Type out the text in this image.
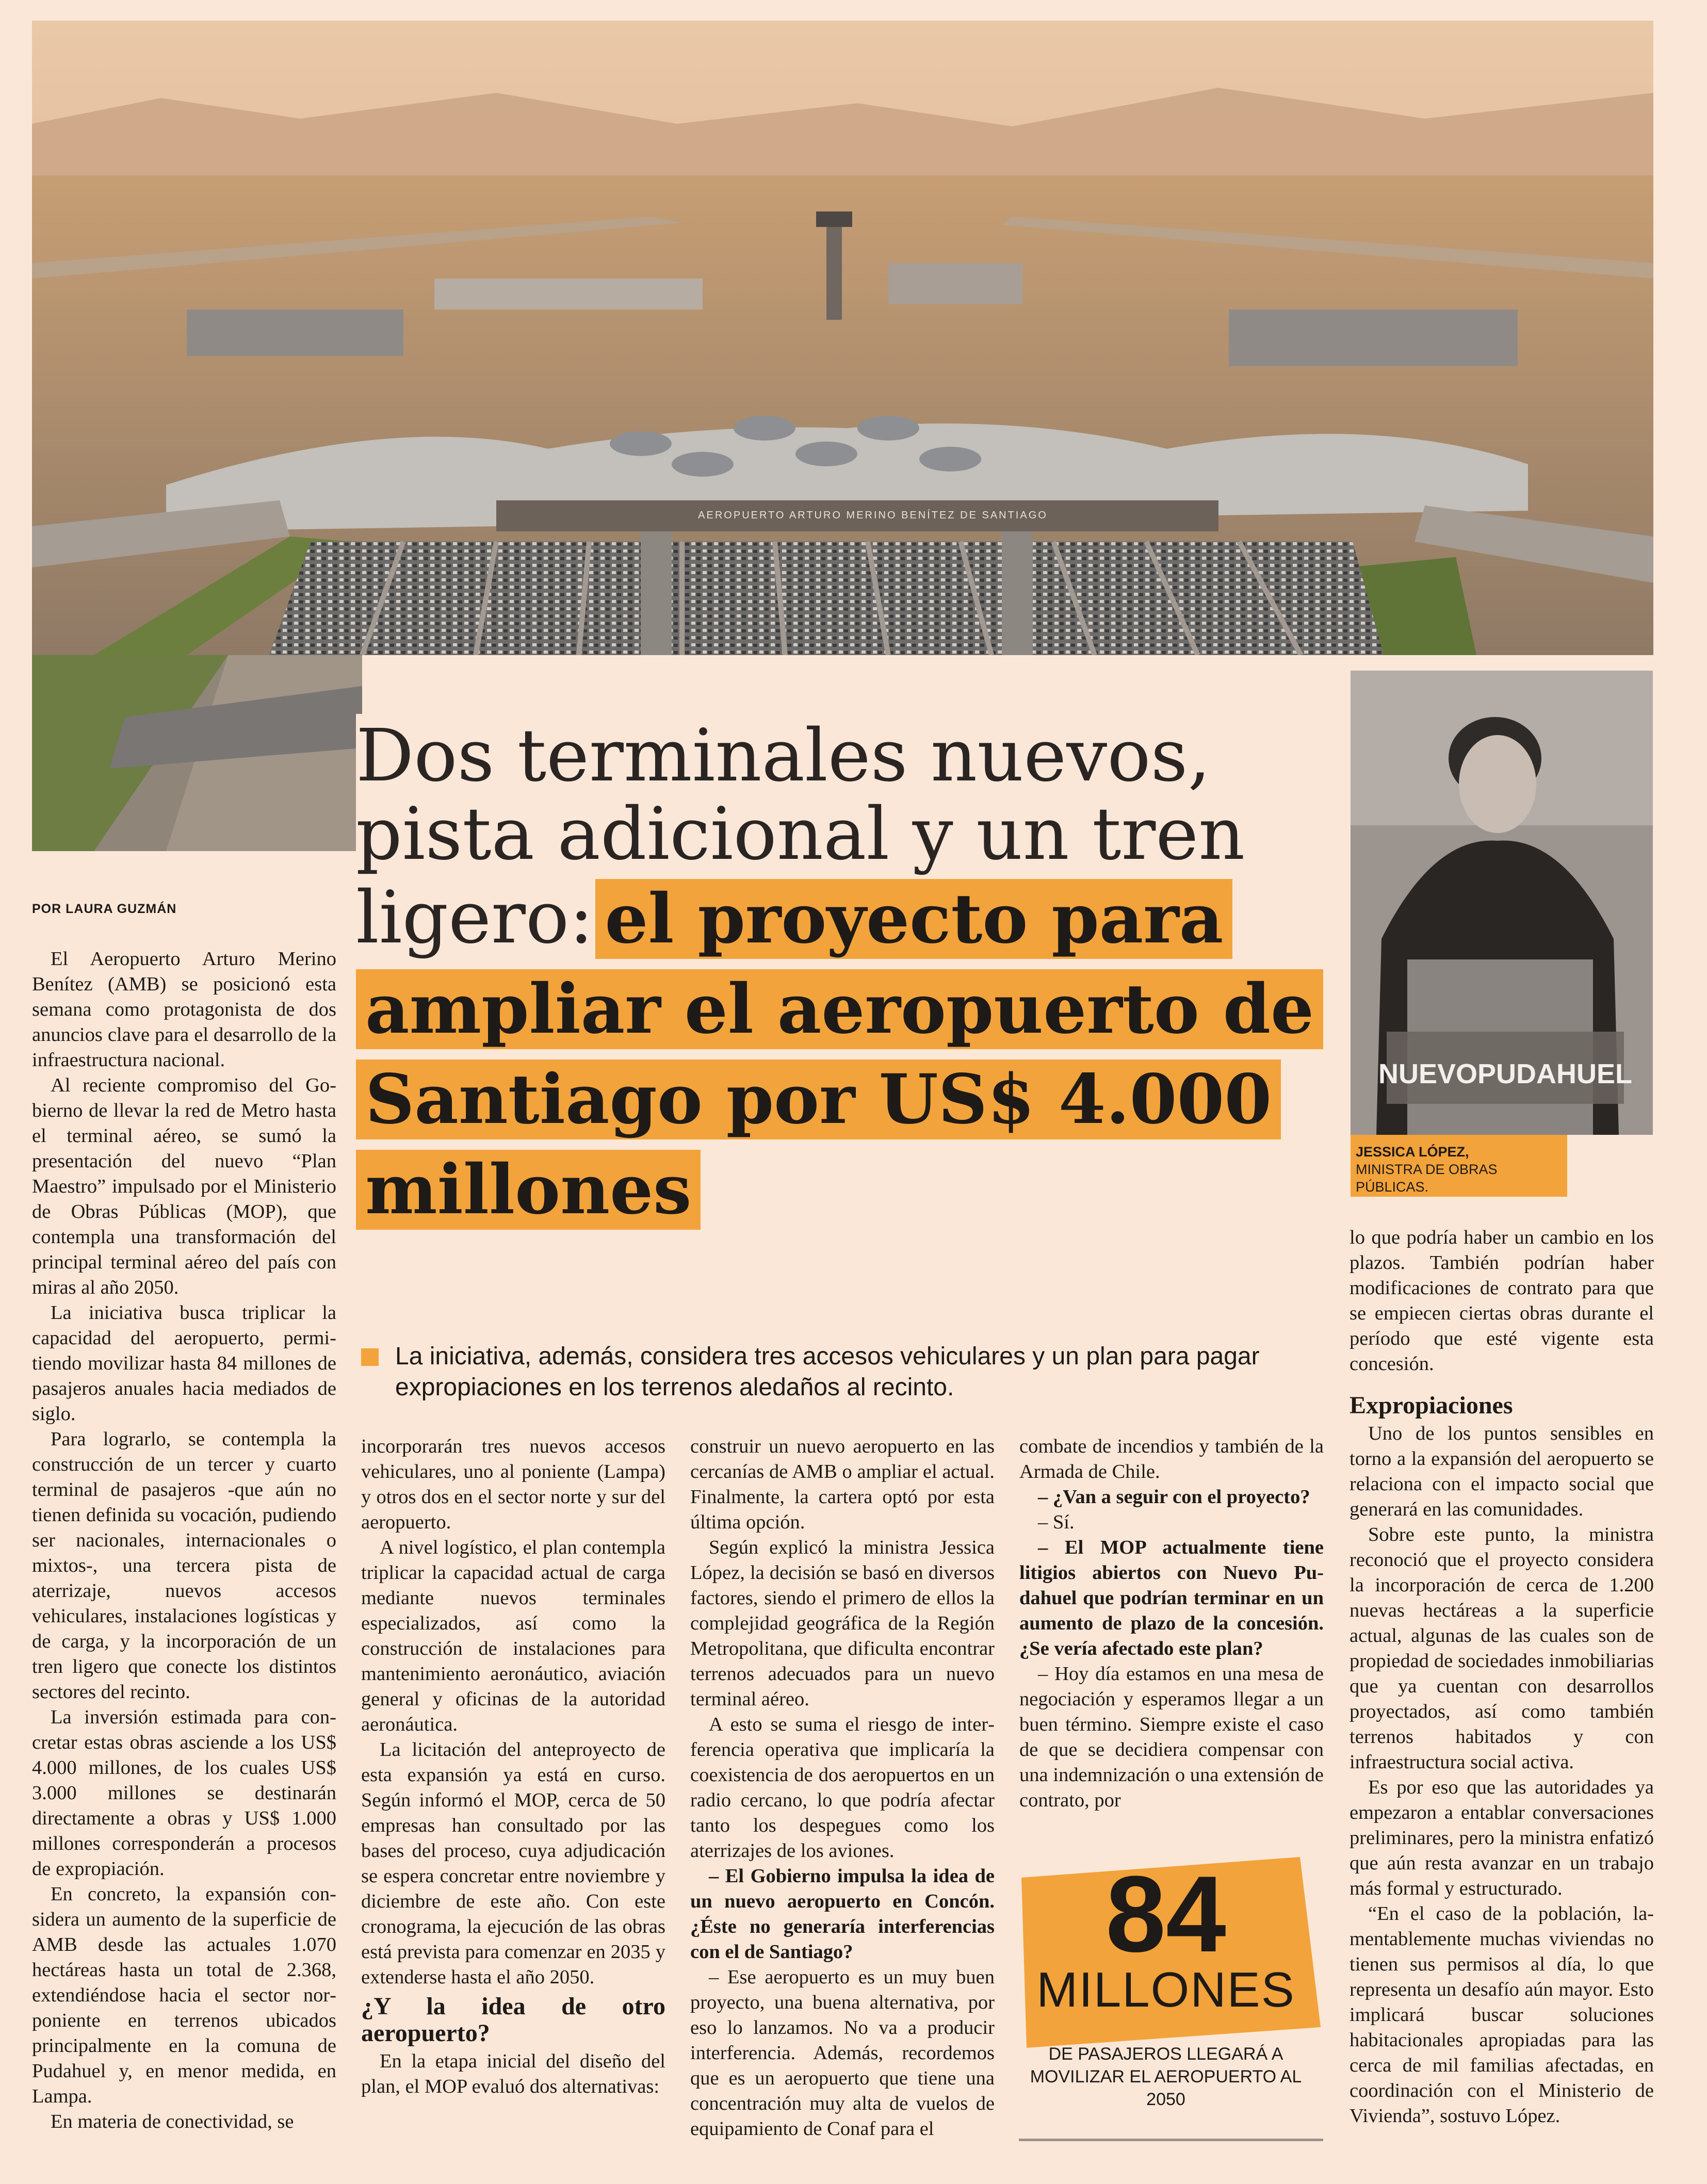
AEROPUERTO ARTURO MERINO BENÍTEZ DE SANTIAGO
Dos terminales nuevos, pista adicional y un tren ligero: el proyecto para ampliar el aeropuerto de Santiago por US$ 4.000 millones
POR LAURA GUZMÁN
NUEVOPUDAHUEL
JESSICA LÓPEZ,
MINISTRA DE OBRAS PÚBLICAS.
La iniciativa, además, considera tres accesos vehiculares y un plan para pagar expropiaciones en los terrenos aledaños al recinto.

El Aeropuerto Arturo Merino Benítez (AMB) se posicionó esta semana como protagonista de dos anuncios clave para el desarrollo de la infraestructura nacional.

Al reciente compromiso del Gobierno de llevar la red de Metro hasta el terminal aéreo, se sumó la presentación del nuevo “Plan Maestro” impulsado por el Ministerio de Obras Públicas (MOP), que contempla una transformación del principal terminal aéreo del país con miras al año 2050.

La iniciativa busca triplicar la capacidad del aeropuerto, permitiendo movilizar hasta 84 millones de pasajeros anuales hacia mediados de siglo.

Para lograrlo, se contempla la construcción de un tercer y cuarto terminal de pasajeros -que aún no tienen definida su vocación, pudiendo ser nacionales, internacionales o mixtos-, una tercera pista de aterrizaje, nuevos accesos vehiculares, instalaciones logísticas y de carga, y la incorporación de un tren ligero que conecte los distintos sectores del recinto.

La inversión estimada para concretar estas obras asciende a los US$ 4.000 millones, de los cuales US$ 3.000 millones se destinarán directamente a obras y US$ 1.000 millones corresponderán a procesos de expropiación.

En concreto, la expansión considera un aumento de la superficie de AMB desde las actuales 1.070 hectáreas hasta un total de 2.368, extendiéndose hacia el sector norponiente en terrenos ubicados principalmente en la comuna de Pudahuel y, en menor medida, en Lampa.

En materia de conectividad, se

incorporarán tres nuevos accesos vehiculares, uno al poniente (Lampa) y otros dos en el sector norte y sur del aeropuerto.

A nivel logístico, el plan contempla triplicar la capacidad actual de carga mediante nuevos terminales especializados, así como la construcción de instalaciones para mantenimiento aeronáutico, aviación general y oficinas de la autoridad aeronáutica.

La licitación del anteproyecto de esta expansión ya está en curso. Según informó el MOP, cerca de 50 empresas han consultado por las bases del proceso, cuya adjudicación se espera concretar entre noviembre y diciembre de este año. Con este cronograma, la ejecución de las obras está prevista para comenzar en 2035 y extenderse hasta el año 2050.

¿Y la idea de otro aeropuerto?

En la etapa inicial del diseño del plan, el MOP evaluó dos alternativas:

construir un nuevo aeropuerto en las cercanías de AMB o ampliar el actual. Finalmente, la cartera optó por esta última opción.

Según explicó la ministra Jessica López, la decisión se basó en diversos factores, siendo el primero de ellos la complejidad geográfica de la Región Metropolitana, que dificulta encontrar terrenos adecuados para un nuevo terminal aéreo.

A esto se suma el riesgo de interferencia operativa que implicaría la coexistencia de dos aeropuertos en un radio cercano, lo que podría afectar tanto los despegues como los aterrizajes de los aviones.

– El Gobierno impulsa la idea de un nuevo aeropuerto en Concón. ¿Éste no generaría interferencias con el de Santiago?

– Ese aeropuerto es un muy buen proyecto, una buena alternativa, por eso lo lanzamos. No va a producir interferencia. Además, recordemos que es un aeropuerto que tiene una concentración muy alta de vuelos de equipamiento de Conaf para el

combate de incendios y también de la Armada de Chile.

– ¿Van a seguir con el proyecto?

– Sí.

– El MOP actualmente tiene litigios abiertos con Nuevo Pudahuel que podrían terminar en un aumento de plazo de la concesión. ¿Se vería afectado este plan?

– Hoy día estamos en una mesa de negociación y esperamos llegar a un buen término. Siempre existe el caso de que se decidiera compensar con una indemnización o una extensión de contrato, por

lo que podría haber un cambio en los plazos. También podrían haber modificaciones de contrato para que se empiecen ciertas obras durante el período que esté vigente esta concesión.

Expropiaciones

Uno de los puntos sensibles en torno a la expansión del aeropuerto se relaciona con el impacto social que generará en las comunidades.

Sobre este punto, la ministra reconoció que el proyecto considera la incorporación de cerca de 1.200 nuevas hectáreas a la superficie actual, algunas de las cuales son de propiedad de sociedades inmobiliarias que ya cuentan con desarrollos proyectados, así como también terrenos habitados y con infraestructura social activa.

Es por eso que las autoridades ya empezaron a entablar conversaciones preliminares, pero la ministra enfatizó que aún resta avanzar en un trabajo más formal y estructurado.

“En el caso de la población, lamentablemente muchas viviendas no tienen sus permisos al día, lo que representa un desafío aún mayor. Esto implicará buscar soluciones habitacionales apropiadas para las cerca de mil familias afectadas, en coordinación con el Ministerio de Vivienda”, sostuvo López.

84
MILLONES
DE PASAJEROS LLEGARÁ A MOVILIZAR EL AEROPUERTO AL 2050
